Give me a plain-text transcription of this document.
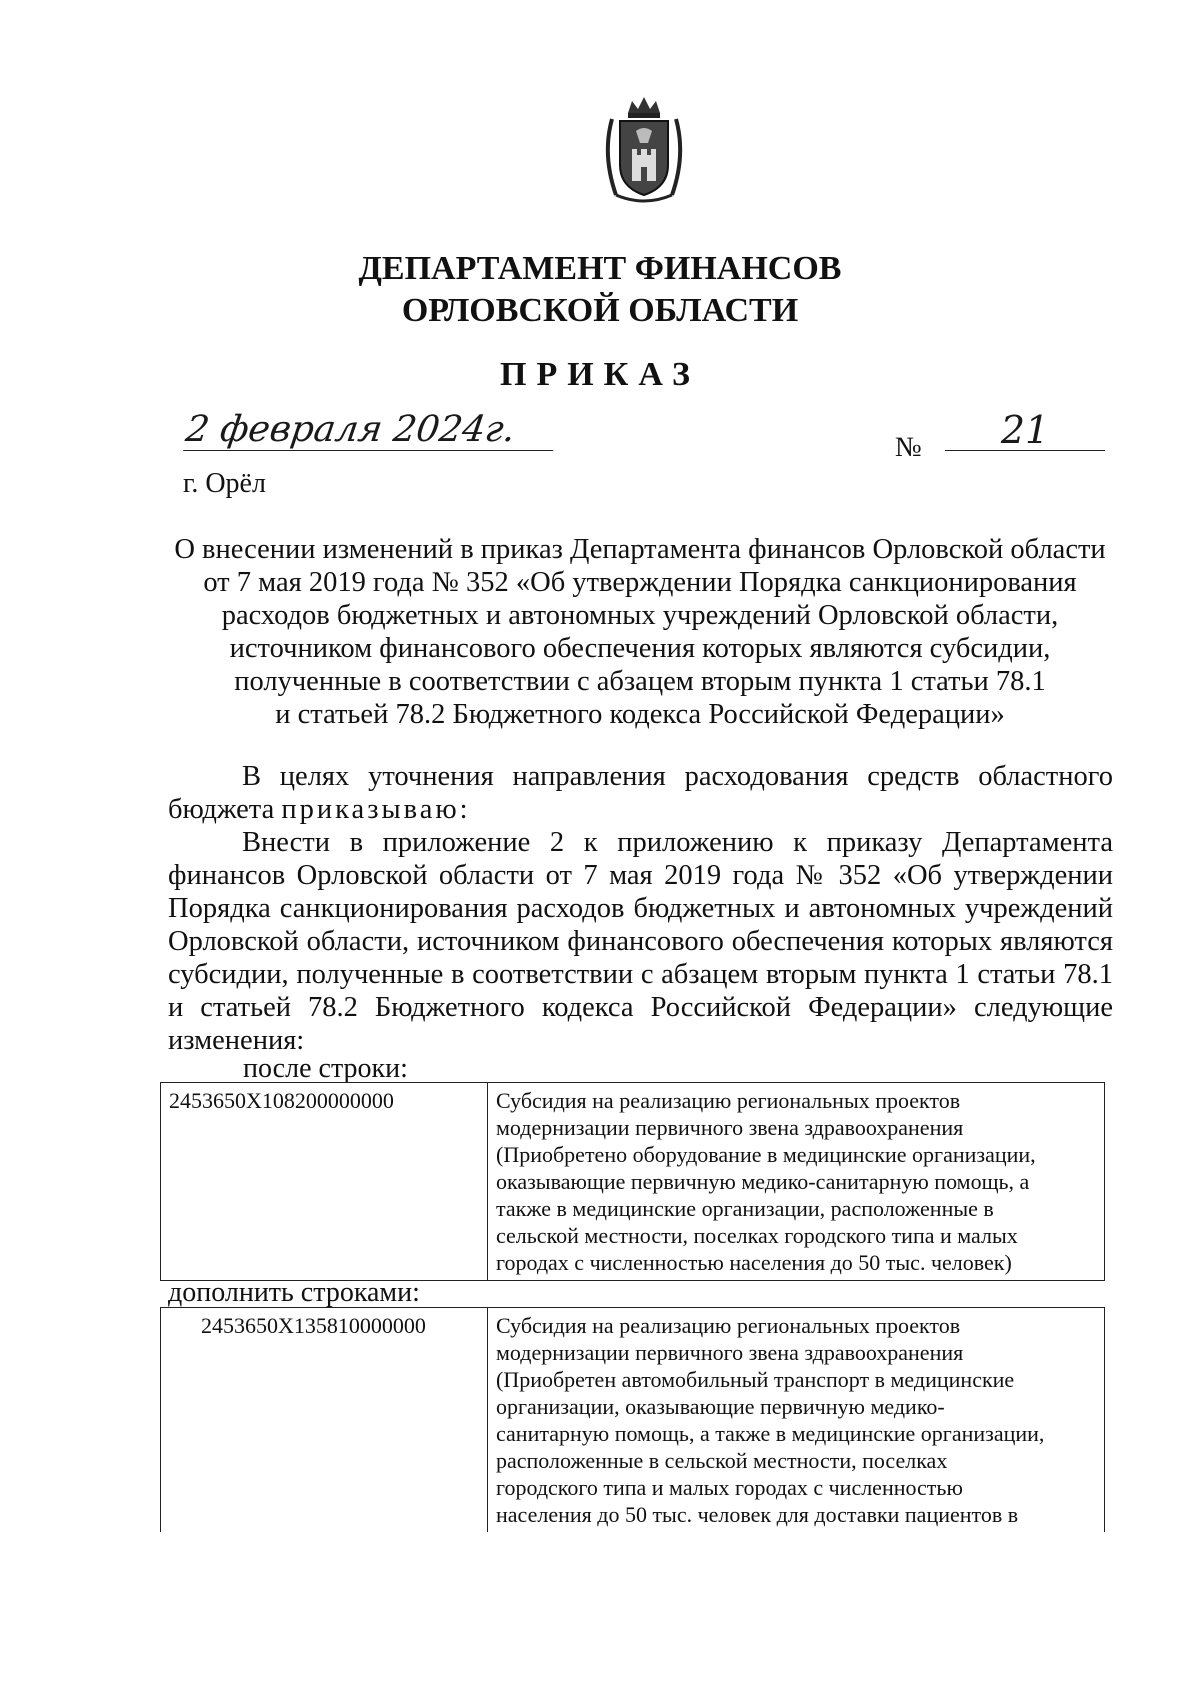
ДЕПАРТАМЕНТ ФИНАНСОВ
ОРЛОВСКОЙ ОБЛАСТИ
ПРИКАЗ
2 февраля 2024г.	№	21
г. Орёл
О внесении изменений в приказ Департамента финансов Орловской области
от 7 мая 2019 года № 352 «Об утверждении Порядка санкционирования
расходов бюджетных и автономных учреждений Орловской области,
источником финансового обеспечения которых являются субсидии,
полученные в соответствии с абзацем вторым пункта 1 статьи 78.1
и статьей 78.2 Бюджетного кодекса Российской Федерации»

В целях уточнения направления расходования средств областного бюджета приказываю:

Внести в приложение 2 к приложению к приказу Департамента финансов Орловской области от 7 мая 2019 года № 352 «Об утверждении Порядка санкционирования расходов бюджетных и автономных учреждений Орловской области, источником финансового обеспечения которых являются субсидии, полученные в соответствии с абзацем вторым пункта 1 статьи 78.1 и статьей 78.2 Бюджетного кодекса Российской Федерации» следующие изменения:

после строки:
2453650X108200000000	Субсидия на реализацию региональных проектов
модернизации первичного звена здравоохранения
(Приобретено оборудование в медицинские организации,
оказывающие первичную медико-санитарную помощь, а
также в медицинские организации, расположенные в
сельской местности, поселках городского типа и малых
городах с численностью населения до 50 тыс. человек)
дополнить строками:
2453650X135810000000	Субсидия на реализацию региональных проектов
модернизации первичного звена здравоохранения
(Приобретен автомобильный транспорт в медицинские
организации, оказывающие первичную медико-
санитарную помощь, а также в медицинские организации,
расположенные в сельской местности, поселках
городского типа и малых городах с численностью
населения до 50 тыс. человек для доставки пациентов в
